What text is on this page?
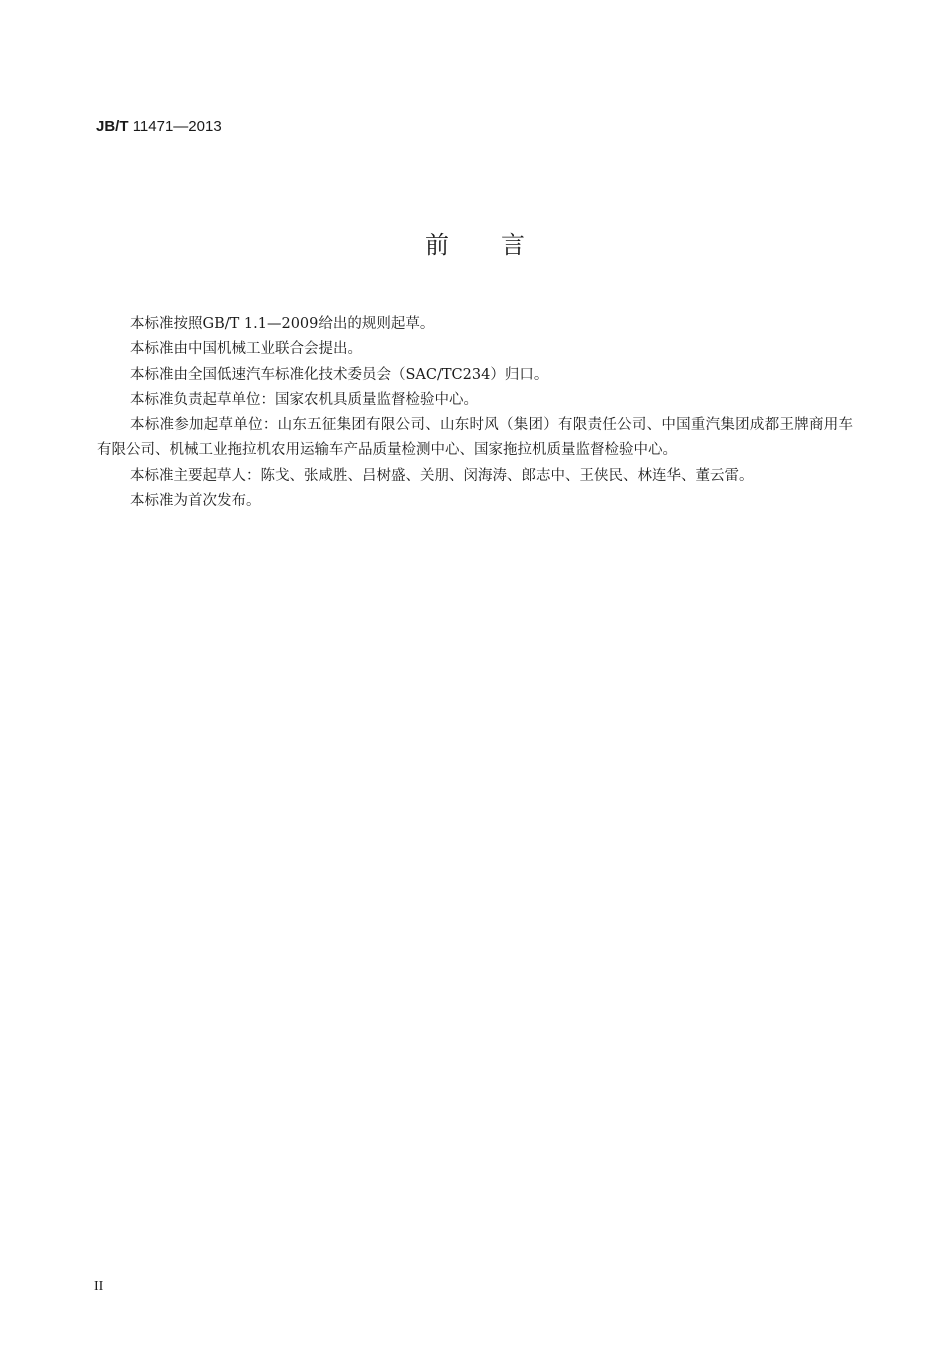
JB/T 11471—2013
前言

本标准按照GB/T 1.1—2009给出的规则起草。

本标准由中国机械工业联合会提出。

本标准由全国低速汽车标准化技术委员会（SAC/TC234）归口。

本标准负责起草单位：国家农机具质量监督检验中心。

本标准参加起草单位：山东五征集团有限公司、山东时风（集团）有限责任公司、中国重汽集团成都王牌商用车有限公司、机械工业拖拉机农用运输车产品质量检测中心、国家拖拉机质量监督检验中心。

本标准主要起草人：陈戈、张咸胜、吕树盛、关朋、闵海涛、郎志中、王侠民、林连华、董云雷。

本标准为首次发布。

II
